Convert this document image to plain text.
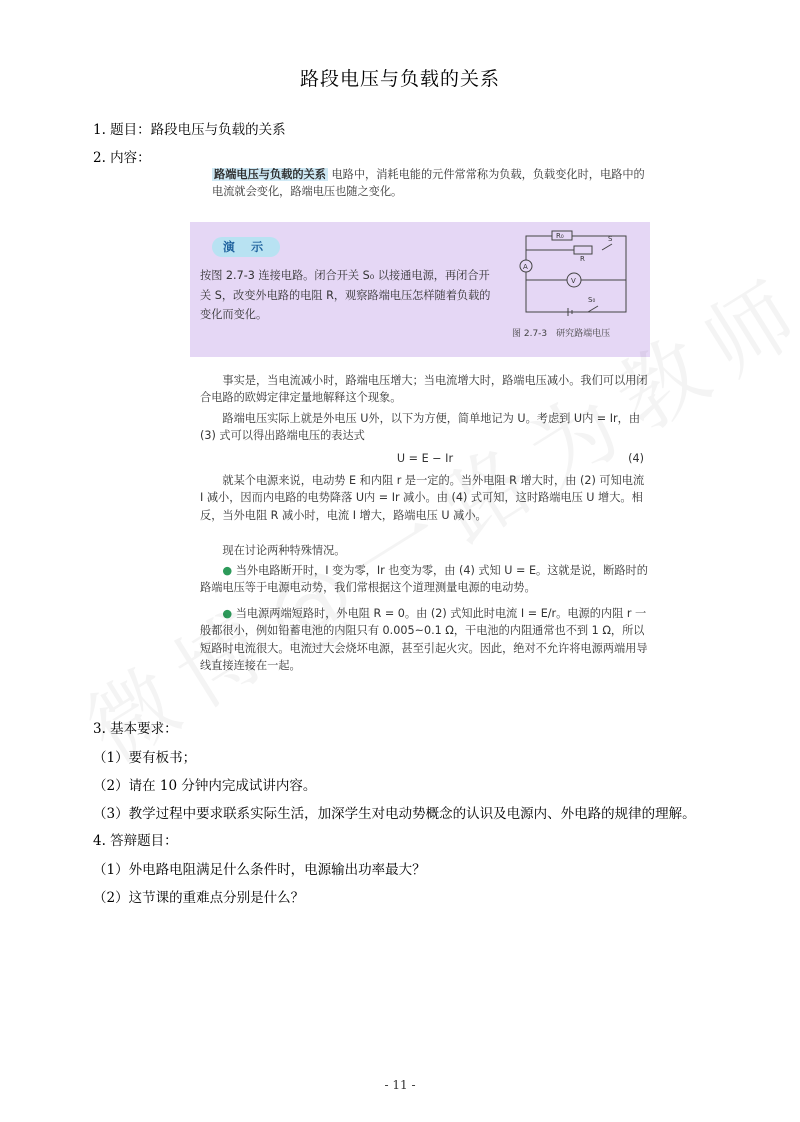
路段电压与负载的关系
1. 题目：路段电压与负载的关系
2. 内容：

路端电压与负载的关系 电路中，消耗电能的元件常常称为负载，负载变化时，电路中的电流就会变化，路端电压也随之变化。

演 示
按图 2.7-3 连接电路。闭合开关 S₀ 以接通电源，再闭合开关 S，改变外电路的电阻 R，观察路端电压怎样随着负载的变化而变化。
R₀
R
S
A
V
S₀
图 2.7-3　研究路端电压

事实是，当电流减小时，路端电压增大；当电流增大时，路端电压减小。我们可以用闭合电路的欧姆定律定量地解释这个现象。

路端电压实际上就是外电压 U外，以下为方便，简单地记为 U。考虑到 U内 = Ir，由 (3) 式可以得出路端电压的表达式

U = E − Ir	(4)

就某个电源来说，电动势 E 和内阻 r 是一定的。当外电阻 R 增大时，由 (2) 可知电流 I 减小，因而内电路的电势降落 U内 = Ir 减小。由 (4) 式可知，这时路端电压 U 增大。相反，当外电阻 R 减小时，电流 I 增大，路端电压 U 减小。

现在讨论两种特殊情况。

● 当外电路断开时，I 变为零，Ir 也变为零，由 (4) 式知 U = E。这就是说，断路时的路端电压等于电源电动势，我们常根据这个道理测量电源的电动势。

● 当电源两端短路时，外电阻 R = 0。由 (2) 式知此时电流 I = E/r。电源的内阻 r 一般都很小，例如铅蓄电池的内阻只有 0.005~0.1 Ω，干电池的内阻通常也不到 1 Ω，所以短路时电流很大。电流过大会烧坏电源，甚至引起火灾。因此，绝对不允许将电源两端用导线直接连接在一起。

3. 基本要求：
（1）要有板书；
（2）请在 10 分钟内完成试讲内容。
（3）教学过程中要求联系实际生活，加深学生对电动势概念的认识及电源内、外电路的规律的理解。
4. 答辩题目：
（1）外电路电阻满足什么条件时，电源输出功率最大？
（2）这节课的重难点分别是什么？
- 11 -
